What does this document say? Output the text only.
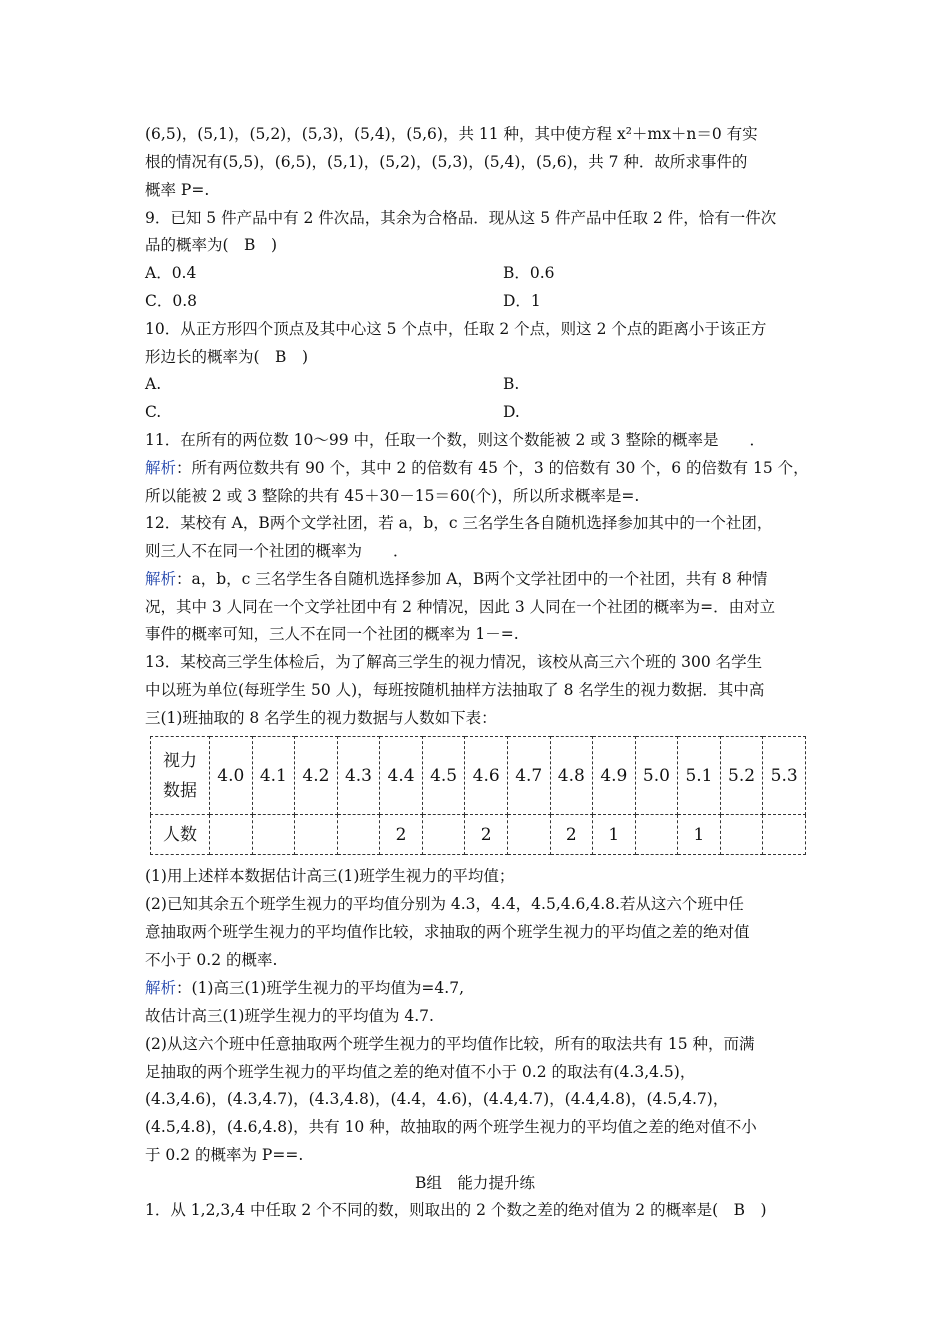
(6,5)，(5,1)，(5,2)，(5,3)，(5,4)，(5,6)，共 11 种，其中使方程 x²＋mx＋n＝0 有实
根的情况有(5,5)，(6,5)，(5,1)，(5,2)，(5,3)，(5,4)，(5,6)，共 7 种．故所求事件的
概率 P=.
9．已知 5 件产品中有 2 件次品，其余为合格品．现从这 5 件产品中任取 2 件，恰有一件次
品的概率为(　B　)
A．0.4	B．0.6
C．0.8	D．1
10．从正方形四个顶点及其中心这 5 个点中，任取 2 个点，则这 2 个点的距离小于该正方
形边长的概率为(　B　)
A.	B.
C.	D.
11．在所有的两位数 10～99 中，任取一个数，则这个数能被 2 或 3 整除的概率是　　．
解析：所有两位数共有 90 个，其中 2 的倍数有 45 个，3 的倍数有 30 个，6 的倍数有 15 个，
所以能被 2 或 3 整除的共有 45＋30－15＝60(个)，所以所求概率是=.
12．某校有 A，B两个文学社团，若 a，b，c 三名学生各自随机选择参加其中的一个社团，
则三人不在同一个社团的概率为　　．
解析：a，b，c 三名学生各自随机选择参加 A，B两个文学社团中的一个社团，共有 8 种情
况，其中 3 人同在一个文学社团中有 2 种情况，因此 3 人同在一个社团的概率为=．由对立
事件的概率可知，三人不在同一个社团的概率为 1－=.
13．某校高三学生体检后，为了解高三学生的视力情况，该校从高三六个班的 300 名学生
中以班为单位(每班学生 50 人)，每班按随机抽样方法抽取了 8 名学生的视力数据．其中高
三(1)班抽取的 8 名学生的视力数据与人数如下表：
视力
数据	4.0	4.1	4.2	4.3	4.4	4.5	4.6	4.7	4.8	4.9	5.0	5.1	5.2	5.3
人数					2		2		2	1		1		
(1)用上述样本数据估计高三(1)班学生视力的平均值；
(2)已知其余五个班学生视力的平均值分别为 4.3，4.4，4.5,4.6,4.8.若从这六个班中任
意抽取两个班学生视力的平均值作比较，求抽取的两个班学生视力的平均值之差的绝对值
不小于 0.2 的概率.
解析：(1)高三(1)班学生视力的平均值为=4.7,
故估计高三(1)班学生视力的平均值为 4.7.
(2)从这六个班中任意抽取两个班学生视力的平均值作比较，所有的取法共有 15 种，而满
足抽取的两个班学生视力的平均值之差的绝对值不小于 0.2 的取法有(4.3,4.5)，
(4.3,4.6)，(4.3,4.7)，(4.3,4.8)，(4.4，4.6)，(4.4,4.7)，(4.4,4.8)，(4.5,4.7)，
(4.5,4.8)，(4.6,4.8)，共有 10 种，故抽取的两个班学生视力的平均值之差的绝对值不小
于 0.2 的概率为 P==.
B组　能力提升练
1．从 1,2,3,4 中任取 2 个不同的数，则取出的 2 个数之差的绝对值为 2 的概率是(　B　)
